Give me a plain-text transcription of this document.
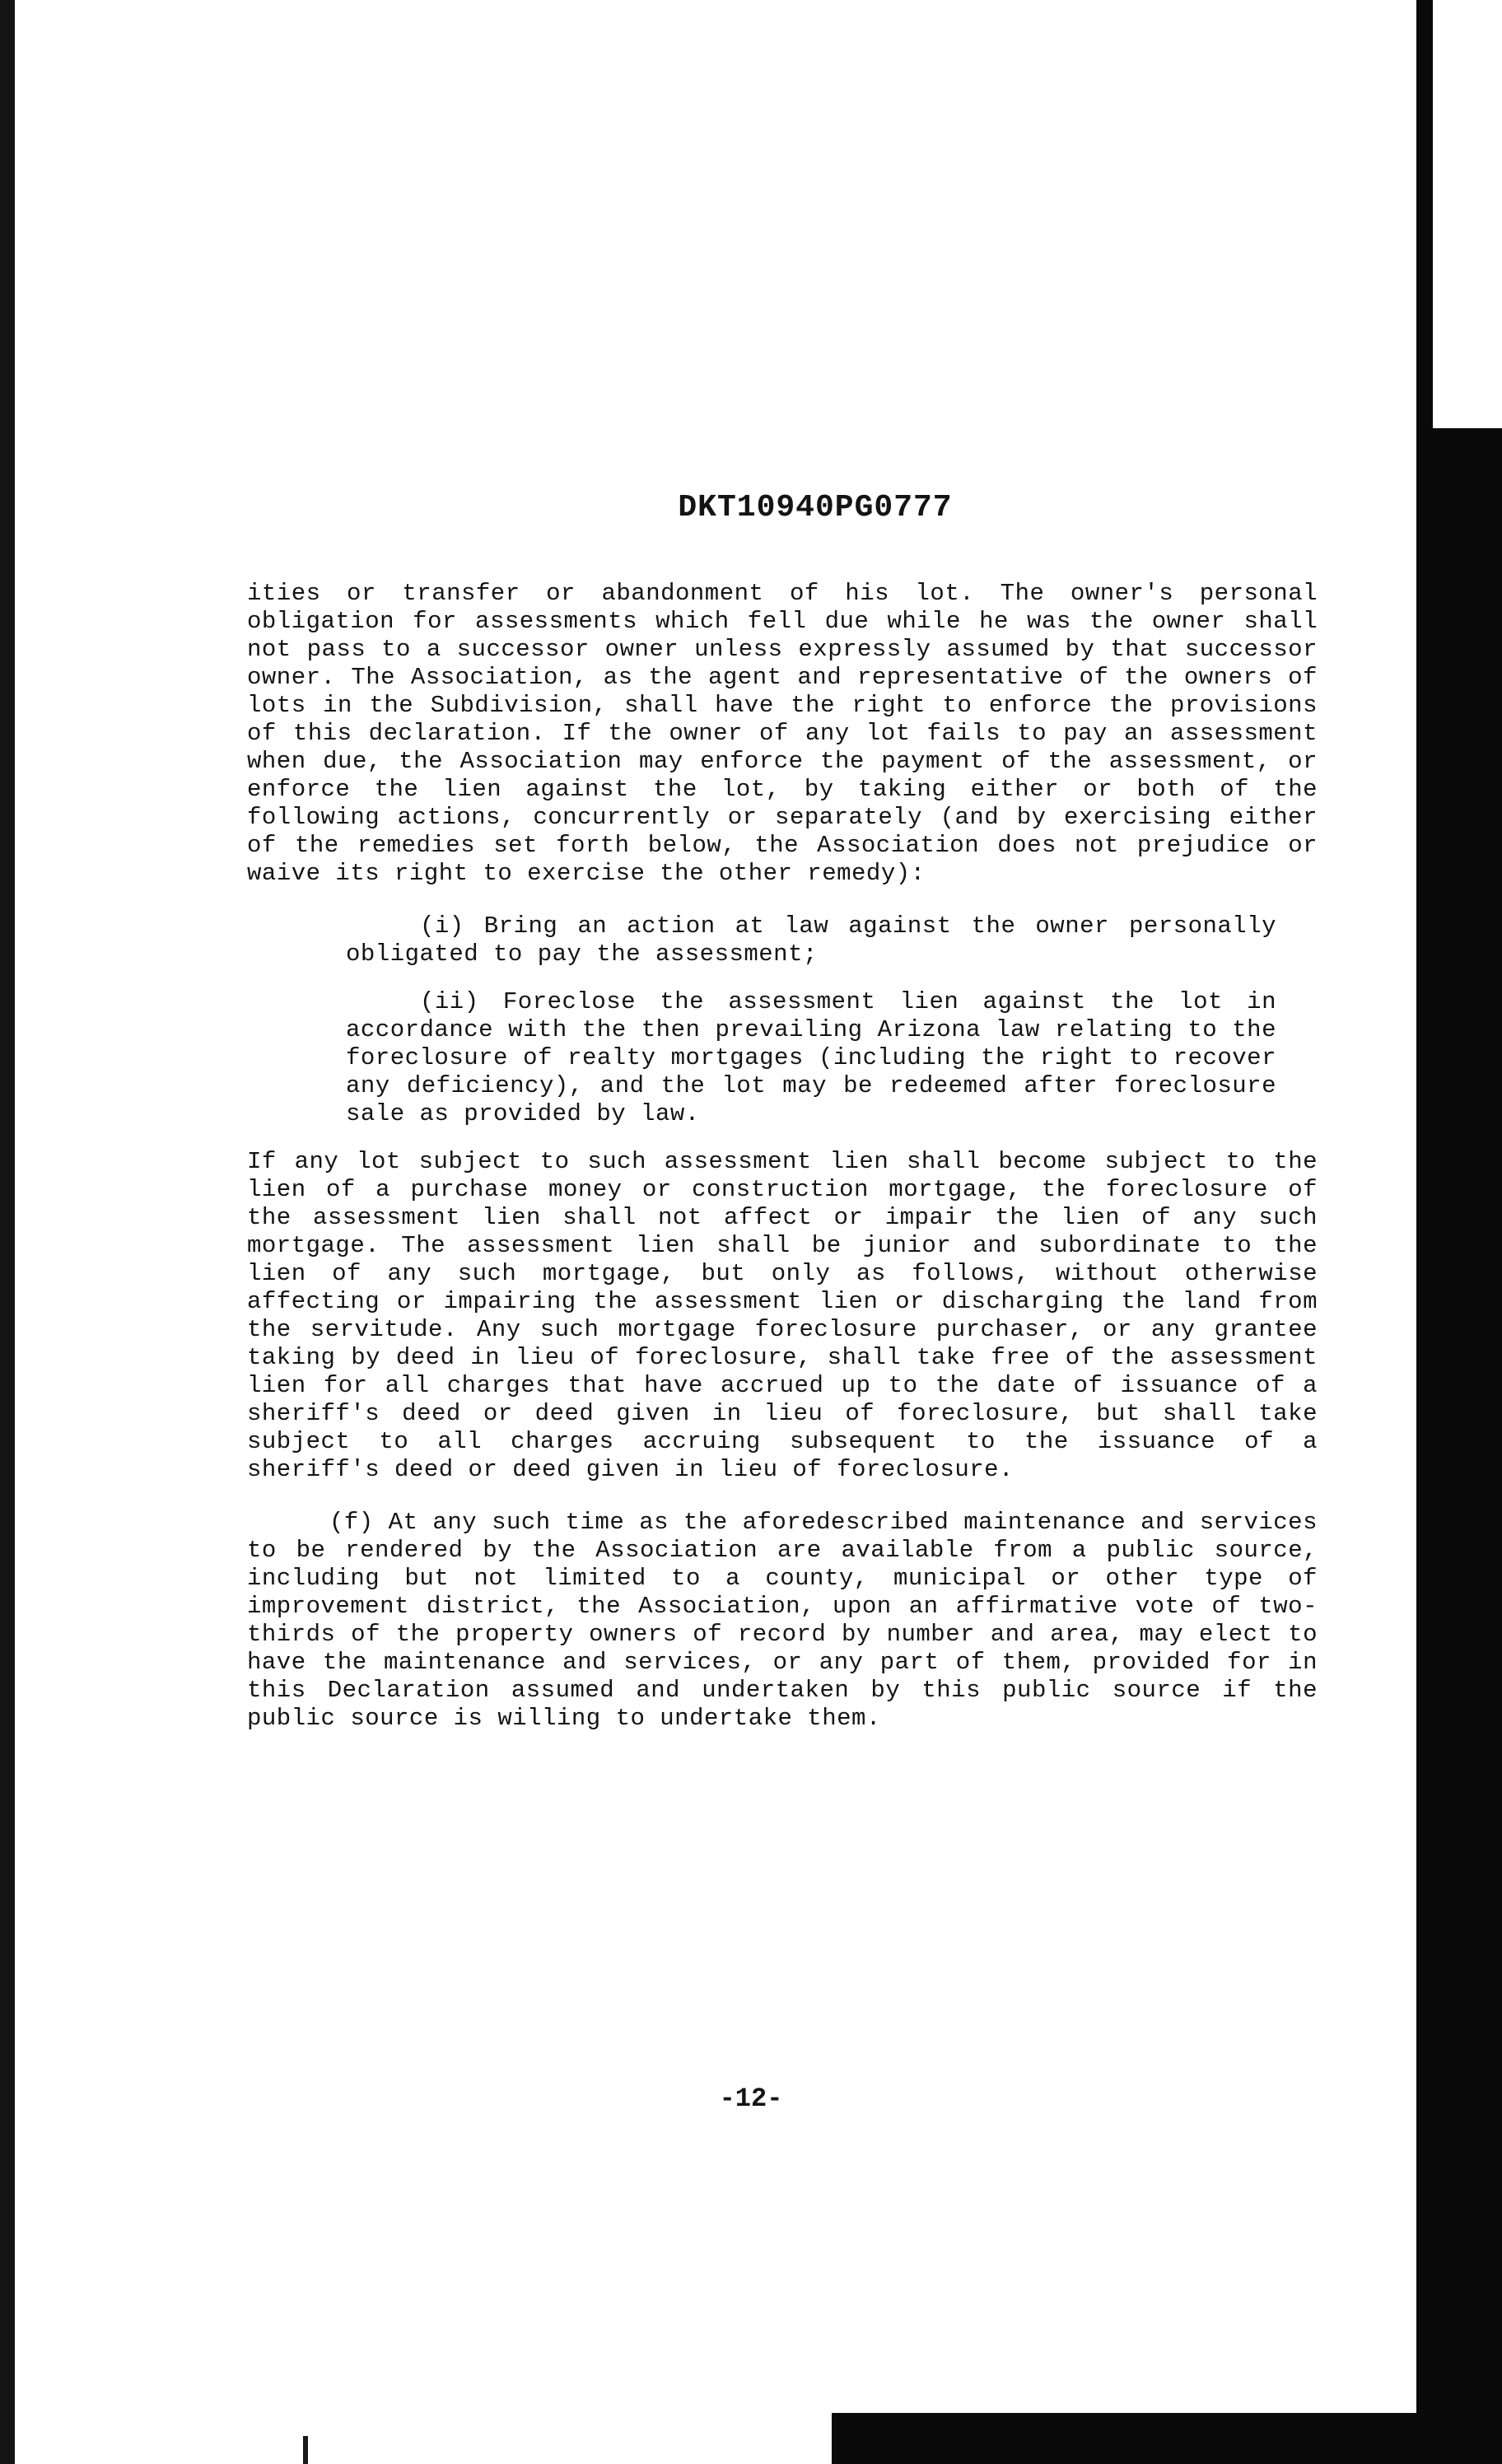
DKT10940PG0777

ities or transfer or abandonment of his lot. The owner's personal obligation for assessments which fell due while he was the owner shall not pass to a successor owner unless expressly assumed by that successor owner. The Association, as the agent and representative of the owners of lots in the Subdivision, shall have the right to enforce the provisions of this declaration. If the owner of any lot fails to pay an assessment when due, the Association may enforce the payment of the assessment, or enforce the lien against the lot, by taking either or both of the following actions, concurrently or separately (and by exercising either of the remedies set forth below, the Association does not prejudice or waive its right to exercise the other remedy):

(i) Bring an action at law against the owner personally obligated to pay the assessment;

(ii) Foreclose the assessment lien against the lot in accordance with the then prevailing Arizona law relating to the foreclosure of realty mortgages (including the right to recover any deficiency), and the lot may be redeemed after foreclosure sale as provided by law.

If any lot subject to such assessment lien shall become subject to the lien of a purchase money or construction mortgage, the foreclosure of the assessment lien shall not affect or impair the lien of any such mortgage. The assessment lien shall be junior and subordinate to the lien of any such mortgage, but only as follows, without otherwise affecting or impairing the assessment lien or discharging the land from the servitude. Any such mortgage foreclosure purchaser, or any grantee taking by deed in lieu of foreclosure, shall take free of the assessment lien for all charges that have accrued up to the date of issuance of a sheriff's deed or deed given in lieu of foreclosure, but shall take subject to all charges accruing subsequent to the issuance of a sheriff's deed or deed given in lieu of foreclosure.

(f) At any such time as the aforedescribed maintenance and services to be rendered by the Association are available from a public source, including but not limited to a county, municipal or other type of improvement district, the Association, upon an affirmative vote of two-thirds of the property owners of record by number and area, may elect to have the maintenance and services, or any part of them, provided for in this Declaration assumed and undertaken by this public source if the public source is willing to undertake them.

-12-
